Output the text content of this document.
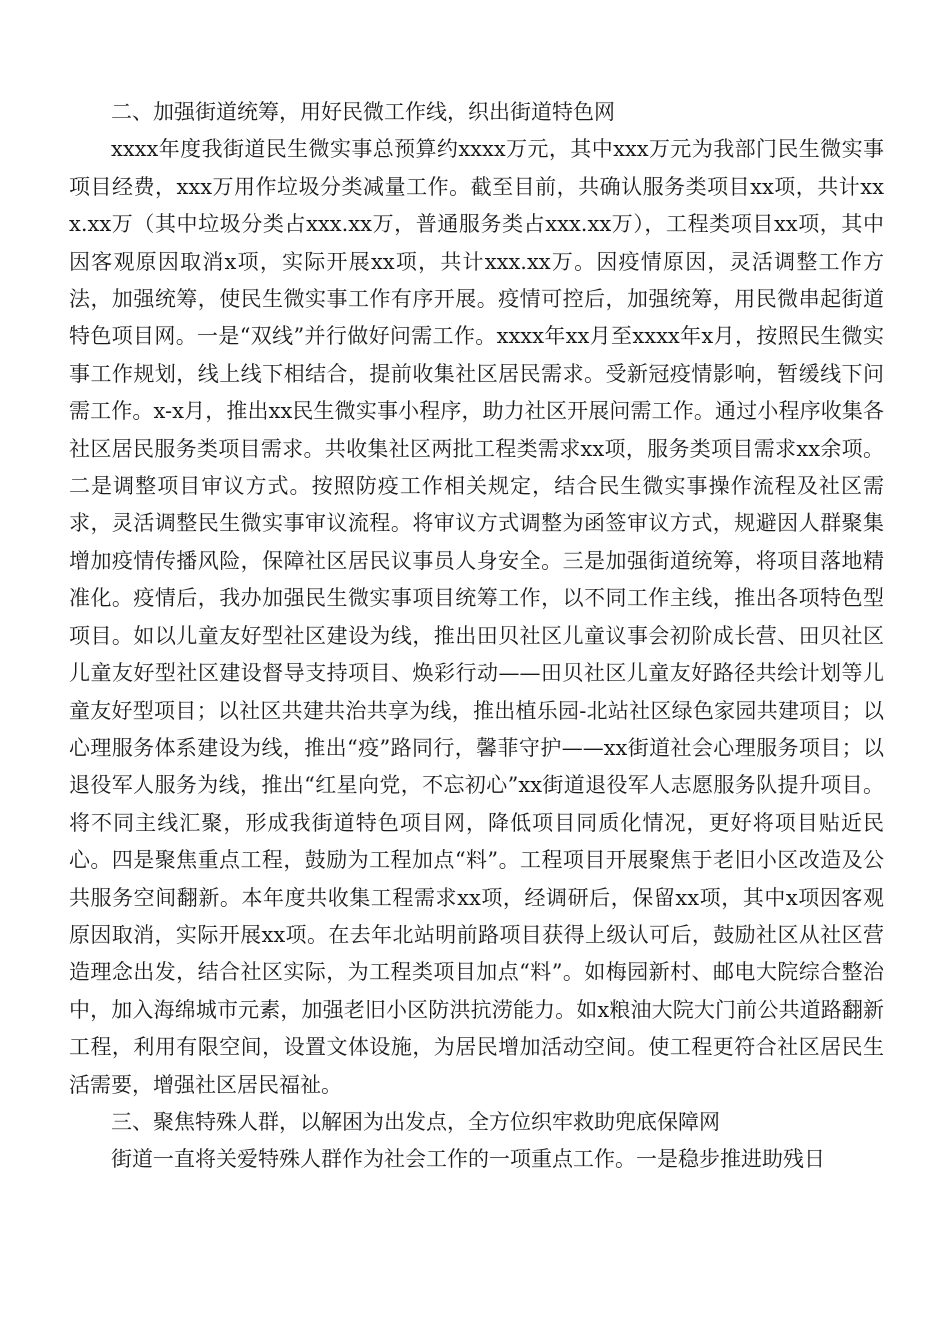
二、加强街道统筹，用好民微工作线，织出街道特色网

xxxx年度我街道民生微实事总预算约xxxx万元，其中xxx万元为我部门民生微实事项目经费，xxx万用作垃圾分类减量工作。截至目前，共确认服务类项目xx项，共计xxx.xx万（其中垃圾分类占xxx.xx万，普通服务类占xxx.xx万），工程类项目xx项，其中因客观原因取消x项，实际开展xx项，共计xxx.xx万。因疫情原因，灵活调整工作方法，加强统筹，使民生微实事工作有序开展。疫情可控后，加强统筹，用民微串起街道特色项目网。一是“双线”并行做好问需工作。xxxx年xx月至xxxx年x月，按照民生微实事工作规划，线上线下相结合，提前收集社区居民需求。受新冠疫情影响，暂缓线下问需工作。x-x月，推出xx民生微实事小程序，助力社区开展问需工作。通过小程序收集各社区居民服务类项目需求。共收集社区两批工程类需求xx项，服务类项目需求xx余项。二是调整项目审议方式。按照防疫工作相关规定，结合民生微实事操作流程及社区需求，灵活调整民生微实事审议流程。将审议方式调整为函签审议方式，规避因人群聚集增加疫情传播风险，保障社区居民议事员人身安全。三是加强街道统筹，将项目落地精准化。疫情后，我办加强民生微实事项目统筹工作，以不同工作主线，推出各项特色型项目。如以儿童友好型社区建设为线，推出田贝社区儿童议事会初阶成长营、田贝社区儿童友好型社区建设督导支持项目、焕彩行动——田贝社区儿童友好路径共绘计划等儿童友好型项目；以社区共建共治共享为线，推出植乐园-北站社区绿色家园共建项目；以心理服务体系建设为线，推出“疫”路同行，馨菲守护——xx街道社会心理服务项目；以退役军人服务为线，推出“红星向党，不忘初心”xx街道退役军人志愿服务队提升项目。将不同主线汇聚，形成我街道特色项目网，降低项目同质化情况，更好将项目贴近民心。四是聚焦重点工程，鼓励为工程加点“料”。工程项目开展聚焦于老旧小区改造及公共服务空间翻新。本年度共收集工程需求xx项，经调研后，保留xx项，其中x项因客观原因取消，实际开展xx项。在去年北站明前路项目获得上级认可后，鼓励社区从社区营造理念出发，结合社区实际，为工程类项目加点“料”。如梅园新村、邮电大院综合整治中，加入海绵城市元素，加强老旧小区防洪抗涝能力。如x粮油大院大门前公共道路翻新工程，利用有限空间，设置文体设施，为居民增加活动空间。使工程更符合社区居民生活需要，增强社区居民福祉。

三、聚焦特殊人群，以解困为出发点，全方位织牢救助兜底保障网

街道一直将关爱特殊人群作为社会工作的一项重点工作。一是稳步推进助残日
